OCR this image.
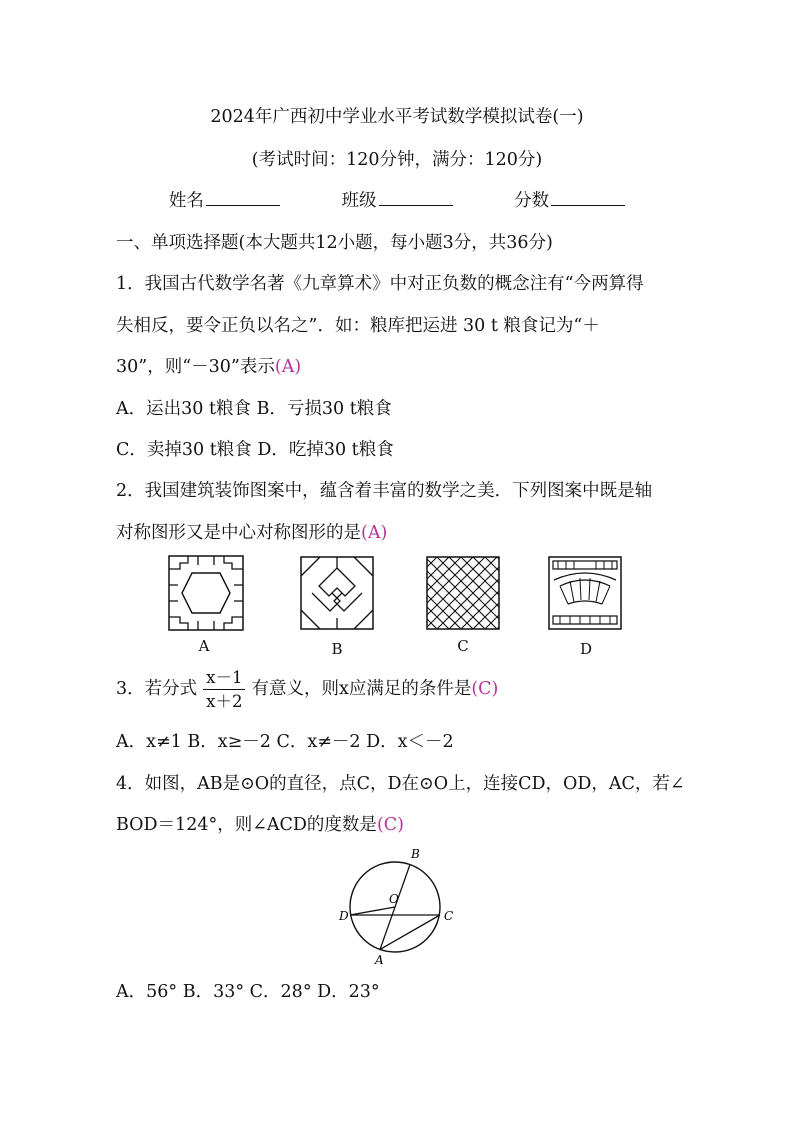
2024年广西初中学业水平考试数学模拟试卷(一)
(考试时间：120分钟，满分：120分)
姓名	班级	分数
一、单项选择题(本大题共12小题，每小题3分，共36分)
1．我国古代数学名著《九章算术》中对正负数的概念注有“今两算得
失相反，要令正负以名之”．如：粮库把运进 30 t 粮食记为“＋
30”，则“－30”表示(A)
A．运出30 t粮食 B．亏损30 t粮食
C．卖掉30 t粮食 D．吃掉30 t粮食
2．我国建筑装饰图案中，蕴含着丰富的数学之美．下列图案中既是轴
对称图形又是中心对称图形的是(A)
A	B	C	D
3．若分式 $\frac{x-1}{x+2}$ 有意义，则x应满足的条件是(C)
A．x≠1 B．x≥－2 C．x≠－2 D．x＜－2
4．如图，AB是⊙O的直径，点C，D在⊙O上，连接CD，OD，AC，若∠
BOD＝124°，则∠ACD的度数是(C)
B
O
D	C
A
A．56° B．33° C．28° D．23°
